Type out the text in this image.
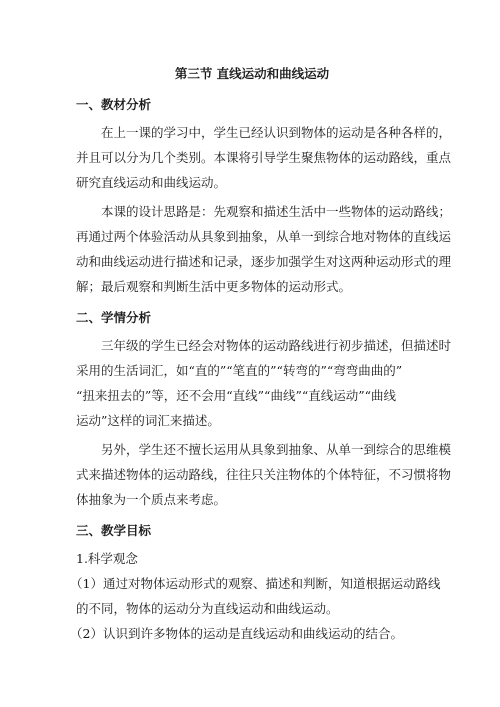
第三节 直线运动和曲线运动
一、教材分析

在上一课的学习中，学生已经认识到物体的运动是各种各样的，
并且可以分为几个类别。本课将引导学生聚焦物体的运动路线，重点
研究直线运动和曲线运动。

本课的设计思路是：先观察和描述生活中一些物体的运动路线；
再通过两个体验活动从具象到抽象，从单一到综合地对物体的直线运
动和曲线运动进行描述和记录，逐步加强学生对这两种运动形式的理
解；最后观察和判断生活中更多物体的运动形式。

二、学情分析

三年级的学生已经会对物体的运动路线进行初步描述，但描述时
采用的生活词汇，如“直的”“笔直的”“转弯的”“弯弯曲曲的”
“扭来扭去的”等，还不会用“直线”“曲线”“直线运动”“曲线
运动”这样的词汇来描述。

另外，学生还不擅长运用从具象到抽象、从单一到综合的思维模
式来描述物体的运动路线，往往只关注物体的个体特征，不习惯将物
体抽象为一个质点来考虑。

三、教学目标
1.科学观念
（1）通过对物体运动形式的观察、描述和判断，知道根据运动路线
的不同，物体的运动分为直线运动和曲线运动。
（2）认识到许多物体的运动是直线运动和曲线运动的结合。
